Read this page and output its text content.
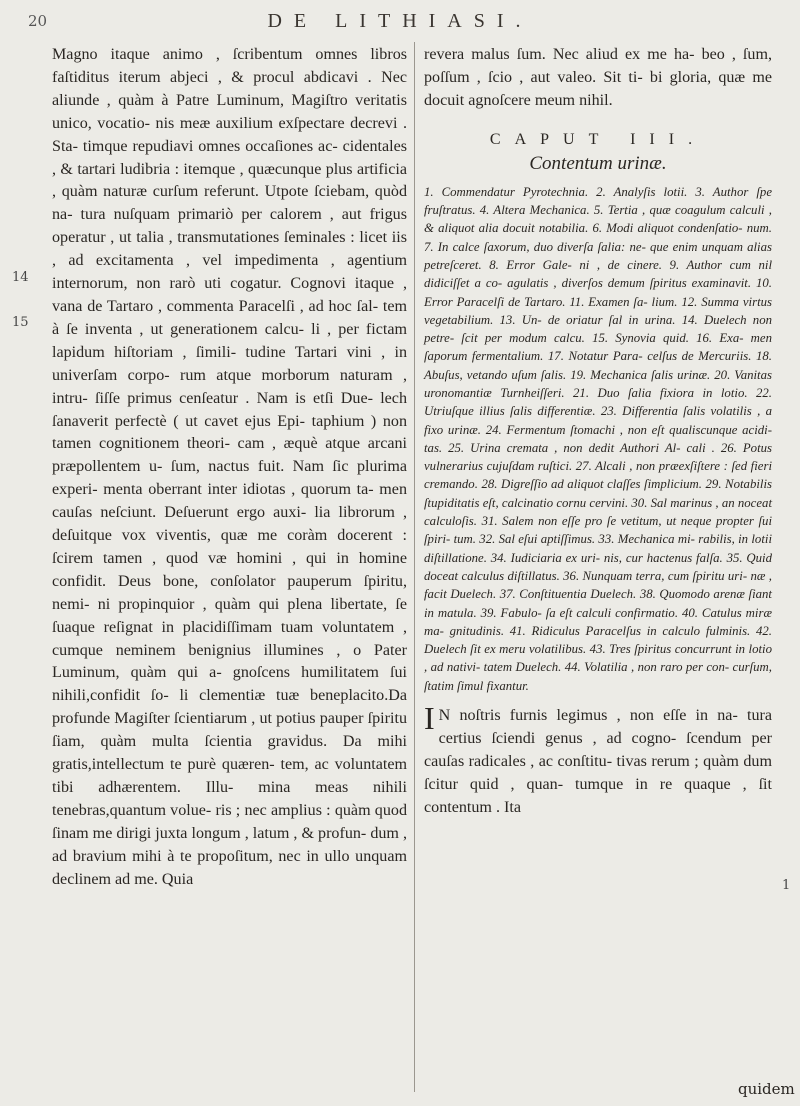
20	DE LITHIASI.
14
15
1

Magno itaque animo , ſcribentum omnes libros faſtiditus iterum abjeci , & procul abdicavi . Nec aliunde , quàm à Patre Luminum, Magiſtro veritatis unico, vocatio- nis meæ auxilium exſpectare decrevi . Sta- timque repudiavi omnes occaſiones ac- cidentales , & tartari ludibria : itemque , quæcunque plus artificia , quàm naturæ curſum referunt. Utpote ſciebam, quòd na- tura nuſquam primariò per calorem , aut frigus operatur , ut talia , transmutationes ſeminales : licet iis , ad excitamenta , vel impedimenta , agentium internorum, non rarò uti cogatur. Cognovi itaque , vana de Tartaro , commenta Paracelſi , ad hoc ſal- tem à ſe inventa , ut generationem calcu- li , per fictam lapidum hiſtoriam , ſimili- tudine Tartari vini , in univerſam corpo- rum atque morborum naturam , intru- ſiſſe primus cenſeatur . Nam is etſi Due- lech ſanaverit perfectè ( ut cavet ejus Epi- taphium ) non tamen cognitionem theori- cam , æquè atque arcani præpollentem u- ſum, nactus fuit. Nam ſic plurima experi- menta oberrant inter idiotas , quorum ta- men cauſas neſciunt. Deſuerunt ergo auxi- lia librorum , deſuitque vox viventis, quæ me coràm docerent : ſcirem tamen , quod væ homini , qui in homine confidit. Deus bone, conſolator pauperum ſpiritu, nemi- ni propinquior , quàm qui plena libertate, ſe ſuaque reſignat in placidiſſimam tuam voluntatem , cumque neminem benignius illumines , o Pater Luminum, quàm qui a- gnoſcens humilitatem ſui nihili,confidit ſo- li clementiæ tuæ beneplacito.Da profunde Magiſter ſcientiarum , ut potius pauper ſpiritu ſiam, quàm multa ſcientia gravidus. Da mihi gratis,intellectum te purè quæren- tem, ac voluntatem tibi adhærentem. Illu- mina meas nihili tenebras,quantum volue- ris ; nec amplius : quàm quod ſinam me dirigi juxta longum , latum , & profun- dum , ad bravium mihi à te propoſitum, nec in ullo unquam declinem ad me. Quia

revera malus ſum. Nec aliud ex me ha- beo , ſum, poſſum , ſcio , aut valeo. Sit ti- bi gloria, quæ me docuit agnoſcere meum nihil.

CAPUT III.
Contentum urinæ.

1. Commendatur Pyrotechnia. 2. Analyſis lotii. 3. Author ſpe fruſtratus. 4. Altera Mechanica. 5. Tertia , quæ coagulum calculi , & aliquot alia docuit notabilia. 6. Modi aliquot condenſatio- num. 7. In calce ſaxorum, duo diverſa ſalia: ne- que enim unquam alias petreſceret. 8. Error Gale- ni , de cinere. 9. Author cum nil didiciſſet a co- agulatis , diverſos demum ſpiritus examinavit. 10. Error Paracelſi de Tartaro. 11. Examen ſa- lium. 12. Summa virtus vegetabilium. 13. Un- de oriatur ſal in urina. 14. Duelech non petre- ſcit per modum calcu. 15. Synovia quid. 16. Exa- men ſaporum fermentalium. 17. Notatur Para- celſus de Mercuriis. 18. Abuſus, vetando uſum ſalis. 19. Mechanica ſalis urinæ. 20. Vanitas uronomantiæ Turnheiſſeri. 21. Duo ſalia fixiora in lotio. 22. Utriuſque illius ſalis differentiæ. 23. Differentia ſalis volatilis , a fixo urinæ. 24. Fermentum ſtomachi , non eſt qualiscunque acidi- tas. 25. Urina cremata , non dedit Authori Al- cali . 26. Potus vulnerarius cujuſdam ruſtici. 27. Alcali , non præexſiſtere : ſed fieri cremando. 28. Digreſſio ad aliquot claſſes ſimplicium. 29. Notabilis ſtupiditatis eſt, calcinatio cornu cervini. 30. Sal marinus , an noceat calculoſis. 31. Salem non eſſe pro ſe vetitum, ut neque propter ſui ſpiri- tum. 32. Sal eſui aptiſſimus. 33. Mechanica mi- rabilis, in lotii diſtillatione. 34. Iudiciaria ex uri- nis, cur hactenus falſa. 35. Quid doceat calculus diſtillatus. 36. Nunquam terra, cum ſpiritu uri- næ , facit Duelech. 37. Conſtituentia Duelech. 38. Quomodo arenæ ſiant in matula. 39. Fabulo- ſa eſt calculi confirmatio. 40. Catulus miræ ma- gnitudinis. 41. Ridiculus Paracelſus in calculo fulminis. 42. Duelech ſit ex meru volatilibus. 43. Tres ſpiritus concurrunt in lotio , ad nativi- tatem Duelech. 44. Volatilia , non raro per con- curſum, ſtatim ſimul fixantur.

I N noſtris furnis legimus , non eſſe in na- tura certius ſciendi genus , ad cogno- ſcendum per cauſas radicales , ac conſtitu- tivas rerum ; quàm dum ſcitur quid , quan- tumque in re quaque , ſit contentum . Ita

quidem
